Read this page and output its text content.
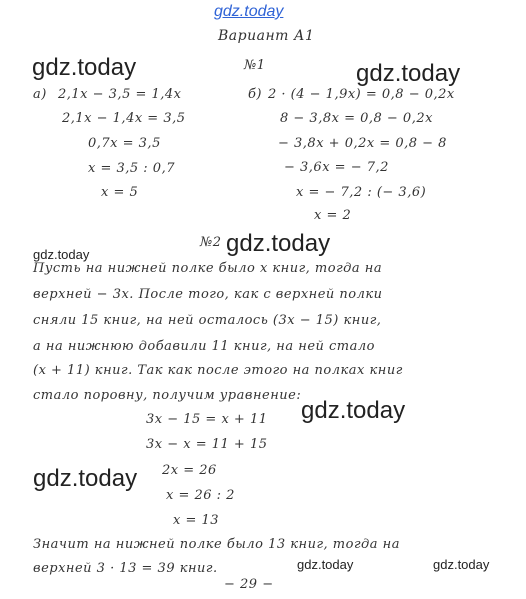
gdz.today
gdz.today	gdz.today
gdz.today	gdz.today
gdz.today
gdz.today
gdz.today	gdz.today
Вариант А1
№1
а) 2,1x − 3,5 = 1,4x
2,1x − 1,4x = 3,5
0,7x = 3,5
x = 3,5 : 0,7
x = 5
б) 2 · (4 − 1,9x) = 0,8 − 0,2x
8 − 3,8x = 0,8 − 0,2x
− 3,8x + 0,2x = 0,8 − 8
− 3,6x = − 7,2
x = − 7,2 : (− 3,6)
x = 2
№2
Пусть на нижней полке было x книг, тогда на
верхней − 3x. После того, как с верхней полки
сняли 15 книг, на ней осталось (3x − 15) книг,
а на нижнюю добавили 11 книг, на ней стало
(x + 11) книг. Так как после этого на полках книг
стало поровну, получим уравнение:
3x − 15 = x + 11
3x − x = 11 + 15
2x = 26
x = 26 : 2
x = 13
Значит на нижней полке было 13 книг, тогда на
верхней 3 · 13 = 39 книг.
− 29 −
